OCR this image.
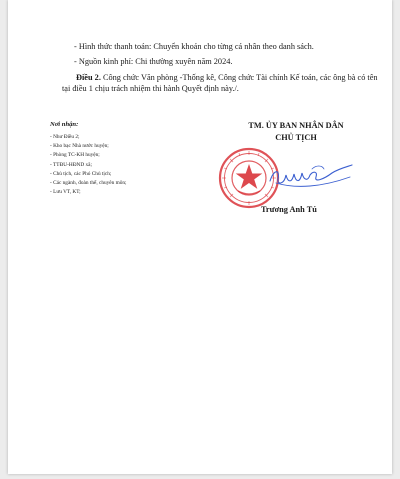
- Hình thức thanh toán: Chuyển khoản cho từng cá nhân theo danh sách.
- Nguồn kinh phí: Chi thường xuyên năm 2024.
Điều 2. Công chức Văn phòng -Thống kê, Công chức Tài chính Kế toán, các ông bà có tên tại điều 1 chịu trách nhiệm thi hành Quyết định này./.
Nơi nhận:
- Như Điều 2;
- Kho bạc Nhà nước huyện;
- Phòng TC-KH huyện;
- TTĐU-HĐND xã;
- Chủ tịch, các Phó Chủ tịch;
- Các ngành, đoàn thể, chuyên môn;
- Lưu VT, KT;
TM. ỦY BAN NHÂN DÂN
CHỦ TỊCH
Trương Anh Tú
